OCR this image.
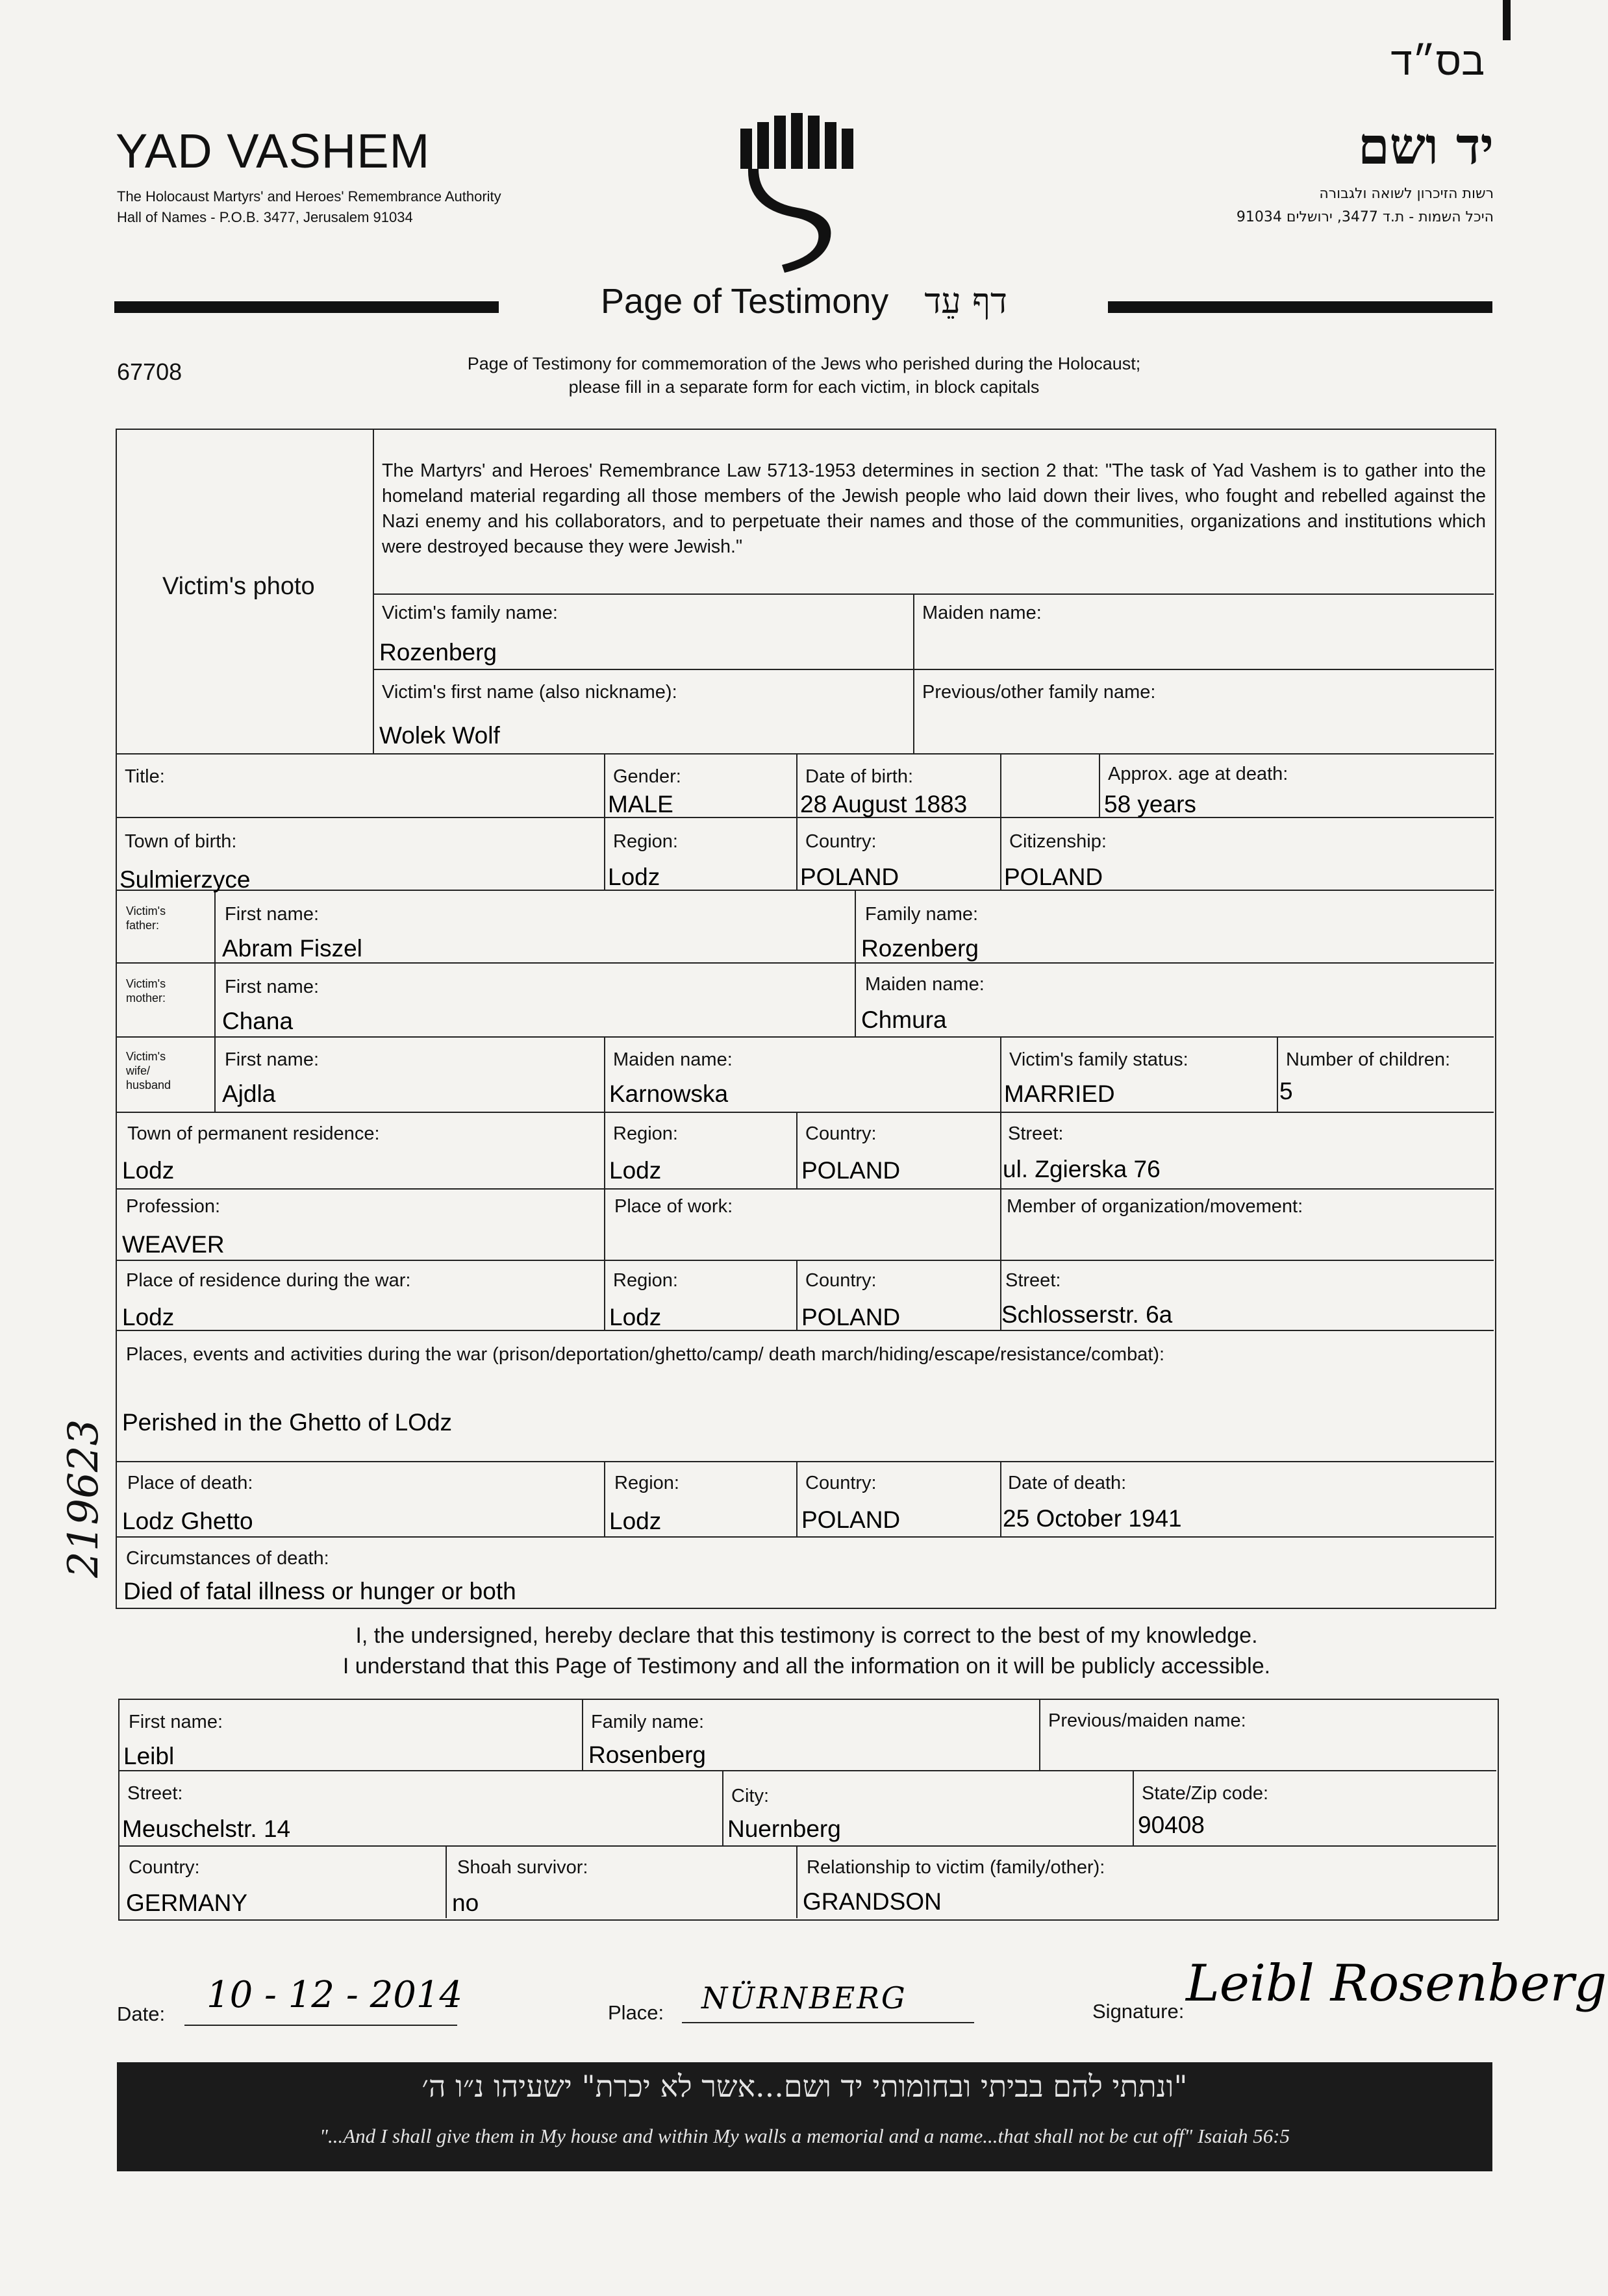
YAD VASHEM
The Holocaust Martyrs' and Heroes' Remembrance Authority
Hall of Names - P.O.B. 3477, Jerusalem 91034
בס״ד
יד ושם
רשות הזיכרון לשואה ולגבורה
היכל השמות - ת.ד 3477, ירושלים 91034
Page of Testimony דף עֵד
67708	Page of Testimony for commemoration of the Jews who perished during the Holocaust;
please fill in a separate form for each victim, in block capitals
Victim's photo
The Martyrs' and Heroes' Remembrance Law 5713-1953 determines in section 2 that: "The task of Yad Vashem is to gather into the homeland material regarding all those members of the Jewish people who laid down their lives, who fought and rebelled against the Nazi enemy and his collaborators, and to perpetuate their names and those of the communities, organizations and institutions which were destroyed because they were Jewish."
Victim's family name:
Rozenberg
Maiden name:
Victim's first name (also nickname):
Wolek Wolf
Previous/other family name:
Title:	Gender:
MALE
Date of birth:
28 August 1883
Approx. age at death:
58 years
Town of birth:
Sulmierzyce
Region:
Lodz
Country:
POLAND
Citizenship:
POLAND
Victim's
father:
First name:
Abram Fiszel
Family name:
Rozenberg
Victim's
mother:
First name:
Chana
Maiden name:
Chmura
Victim's
wife/
husband
First name:
Ajdla
Maiden name:
Karnowska
Victim's family status:
MARRIED
Number of children:
5
Town of permanent residence:
Lodz
Region:
Lodz
Country:
POLAND
Street:
ul. Zgierska 76
Profession:
WEAVER
Place of work:	Member of organization/movement:
Place of residence during the war:
Lodz
Region:
Lodz
Country:
POLAND
Street:
Schlosserstr. 6a
Places, events and activities during the war (prison/deportation/ghetto/camp/ death march/hiding/escape/resistance/combat):
Perished in the Ghetto of LOdz
Place of death:
Lodz Ghetto
Region:
Lodz
Country:
POLAND
Date of death:
25 October 1941
Circumstances of death:
Died of fatal illness or hunger or both
I, the undersigned, hereby declare that this testimony is correct to the best of my knowledge.
I understand that this Page of Testimony and all the information on it will be publicly accessible.
First name:
Leibl
Family name:
Rosenberg
Previous/maiden name:
Street:
Meuschelstr. 14
City:
Nuernberg
State/Zip code:
90408
Country:
GERMANY
Shoah survivor:
no
Relationship to victim (family/other):
GRANDSON
Date: 10 - 12 - 2014	Place: NÜRNBERG	Signature: Leibl Rosenberg
219623
"ונתתי להם בביתי ובחומותי יד ושם...אשר לא יכרת" ישעיהו נ״ו ה׳
"...And I shall give them in My house and within My walls a memorial and a name...that shall not be cut off" Isaiah 56:5
